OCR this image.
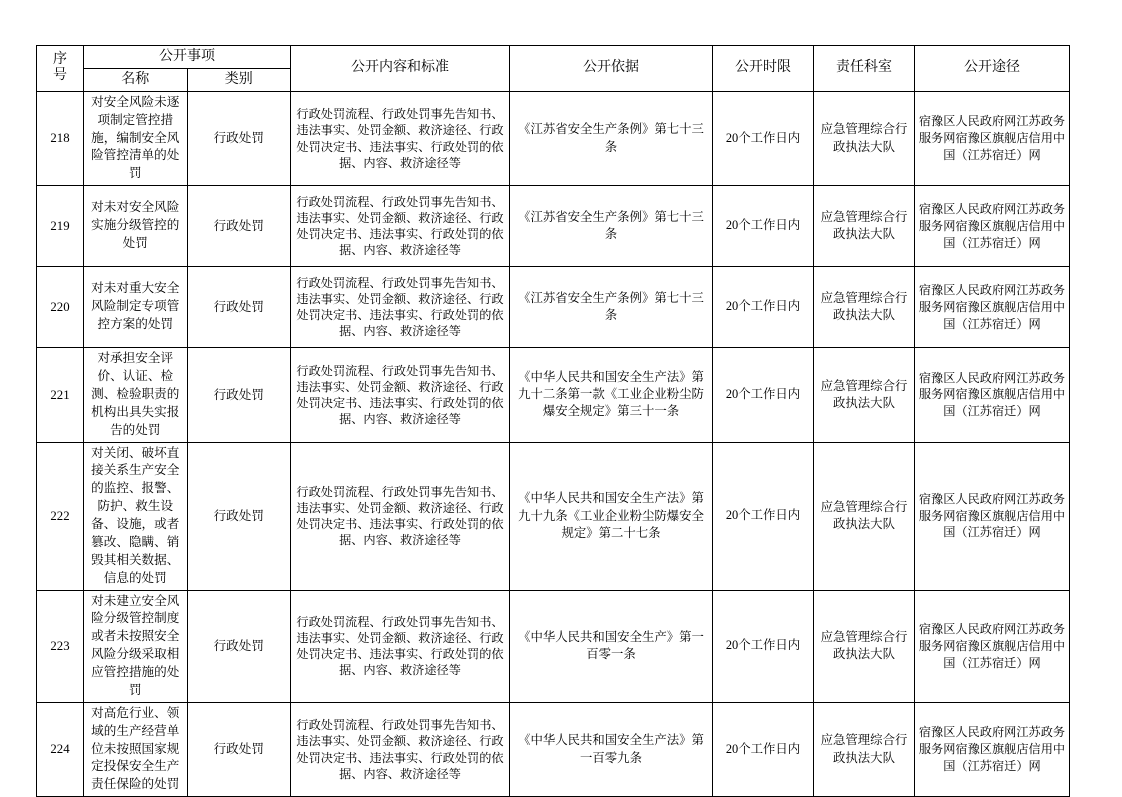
序
号	公开事项		公开内容和标准	公开依据	公开时限	责任科室	公开途径
	名称	类别					
218	对安全风险未逐项制定管控措施，编制安全风险管控清单的处罚	行政处罚	行政处罚流程、行政处罚事先告知书、违法事实、处罚金额、救济途径、行政处罚决定书、违法事实、行政处罚的依据、内容、救济途径等	《江苏省安全生产条例》第七十三条	20个工作日内	应急管理综合行政执法大队	宿豫区人民政府网江苏政务服务网宿豫区旗舰店信用中国（江苏宿迁）网
219	对未对安全风险实施分级管控的处罚	行政处罚	行政处罚流程、行政处罚事先告知书、违法事实、处罚金额、救济途径、行政处罚决定书、违法事实、行政处罚的依据、内容、救济途径等	《江苏省安全生产条例》第七十三条	20个工作日内	应急管理综合行政执法大队	宿豫区人民政府网江苏政务服务网宿豫区旗舰店信用中国（江苏宿迁）网
220	对未对重大安全风险制定专项管控方案的处罚	行政处罚	行政处罚流程、行政处罚事先告知书、违法事实、处罚金额、救济途径、行政处罚决定书、违法事实、行政处罚的依据、内容、救济途径等	《江苏省安全生产条例》第七十三条	20个工作日内	应急管理综合行政执法大队	宿豫区人民政府网江苏政务服务网宿豫区旗舰店信用中国（江苏宿迁）网
221	对承担安全评价、认证、检测、检验职责的机构出具失实报告的处罚	行政处罚	行政处罚流程、行政处罚事先告知书、违法事实、处罚金额、救济途径、行政处罚决定书、违法事实、行政处罚的依据、内容、救济途径等	《中华人民共和国安全生产法》第九十二条第一款《工业企业粉尘防爆安全规定》第三十一条	20个工作日内	应急管理综合行政执法大队	宿豫区人民政府网江苏政务服务网宿豫区旗舰店信用中国（江苏宿迁）网
222	对关闭、破坏直接关系生产安全的监控、报警、防护、救生设备、设施，或者篡改、隐瞒、销毁其相关数据、信息的处罚	行政处罚	行政处罚流程、行政处罚事先告知书、违法事实、处罚金额、救济途径、行政处罚决定书、违法事实、行政处罚的依据、内容、救济途径等	《中华人民共和国安全生产法》第九十九条《工业企业粉尘防爆安全规定》第二十七条	20个工作日内	应急管理综合行政执法大队	宿豫区人民政府网江苏政务服务网宿豫区旗舰店信用中国（江苏宿迁）网
223	对未建立安全风险分级管控制度或者未按照安全风险分级采取相应管控措施的处罚	行政处罚	行政处罚流程、行政处罚事先告知书、违法事实、处罚金额、救济途径、行政处罚决定书、违法事实、行政处罚的依据、内容、救济途径等	《中华人民共和国安全生产》第一百零一条	20个工作日内	应急管理综合行政执法大队	宿豫区人民政府网江苏政务服务网宿豫区旗舰店信用中国（江苏宿迁）网
224	对高危行业、领域的生产经营单位未按照国家规定投保安全生产责任保险的处罚	行政处罚	行政处罚流程、行政处罚事先告知书、违法事实、处罚金额、救济途径、行政处罚决定书、违法事实、行政处罚的依据、内容、救济途径等	《中华人民共和国安全生产法》第一百零九条	20个工作日内	应急管理综合行政执法大队	宿豫区人民政府网江苏政务服务网宿豫区旗舰店信用中国（江苏宿迁）网
